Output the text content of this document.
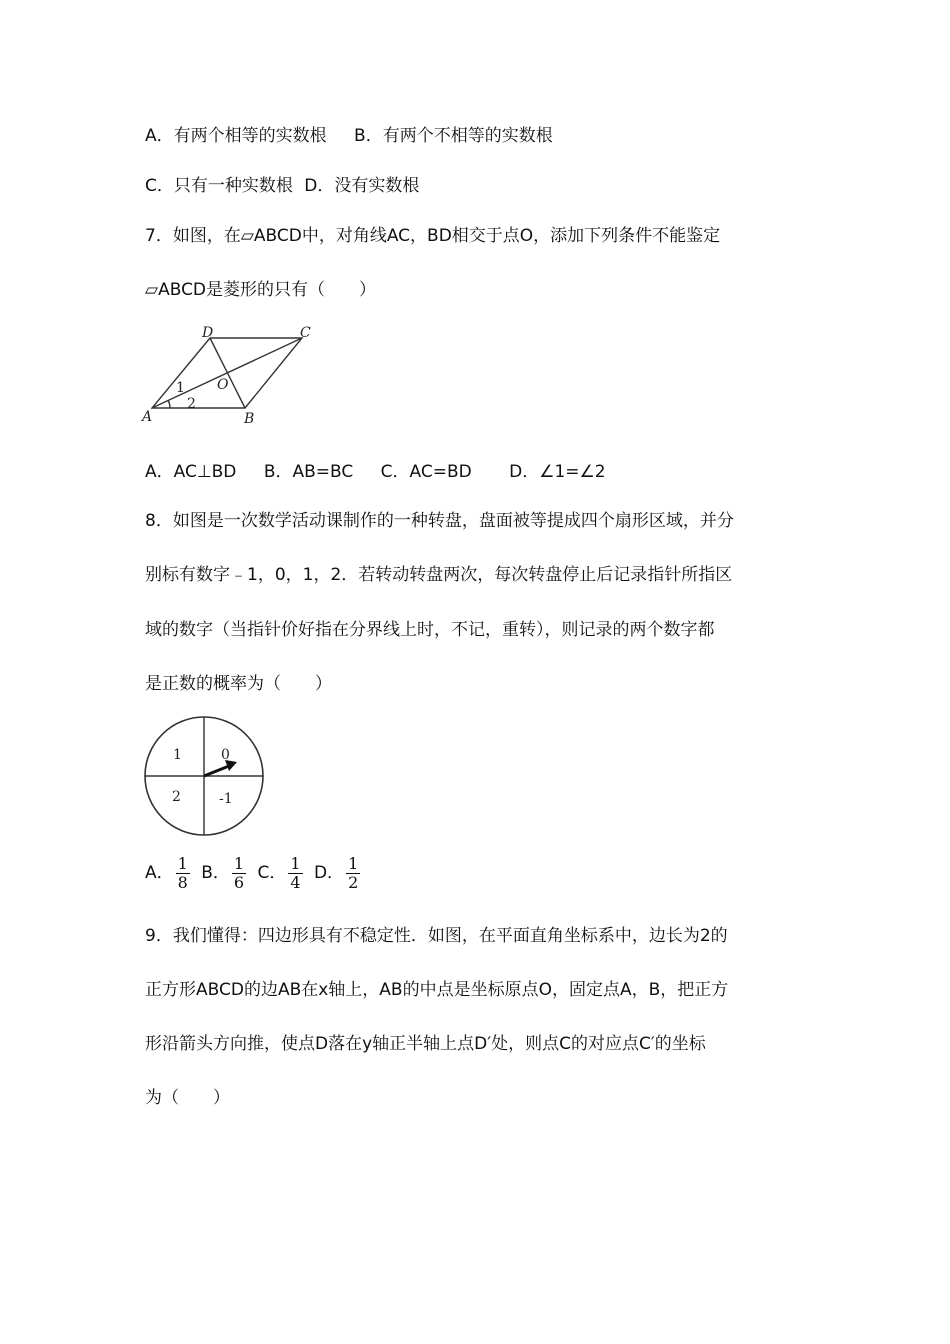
A．有两个相等的实数根 B．有两个不相等的实数根
C．只有一种实数根 D．没有实数根
7．如图，在▱ABCD中，对角线AC，BD相交于点O，添加下列条件不能鉴定
▱ABCD是菱形的只有（　　）
A	B
C
D
O
1
2
A．AC⊥BD B．AB=BC C．AC=BD D．∠1=∠2
8．如图是一次数学活动课制作的一种转盘，盘面被等提成四个扇形区域，并分
别标有数字﹣1，0，1，2．若转动转盘两次，每次转盘停止后记录指针所指区
域的数字（当指针价好指在分界线上时，不记，重转），则记录的两个数字都
是正数的概率为（　　）
1	0
2	-1
A． $\frac{1}{8}$ B． $\frac{1}{6}$ C． $\frac{1}{4}$ D． $\frac{1}{2}$
9．我们懂得：四边形具有不稳定性．如图，在平面直角坐标系中，边长为2的
正方形ABCD的边AB在x轴上，AB的中点是坐标原点O，固定点A，B，把正方
形沿箭头方向推，使点D落在y轴正半轴上点D′处，则点C的对应点C′的坐标
为（　　）
